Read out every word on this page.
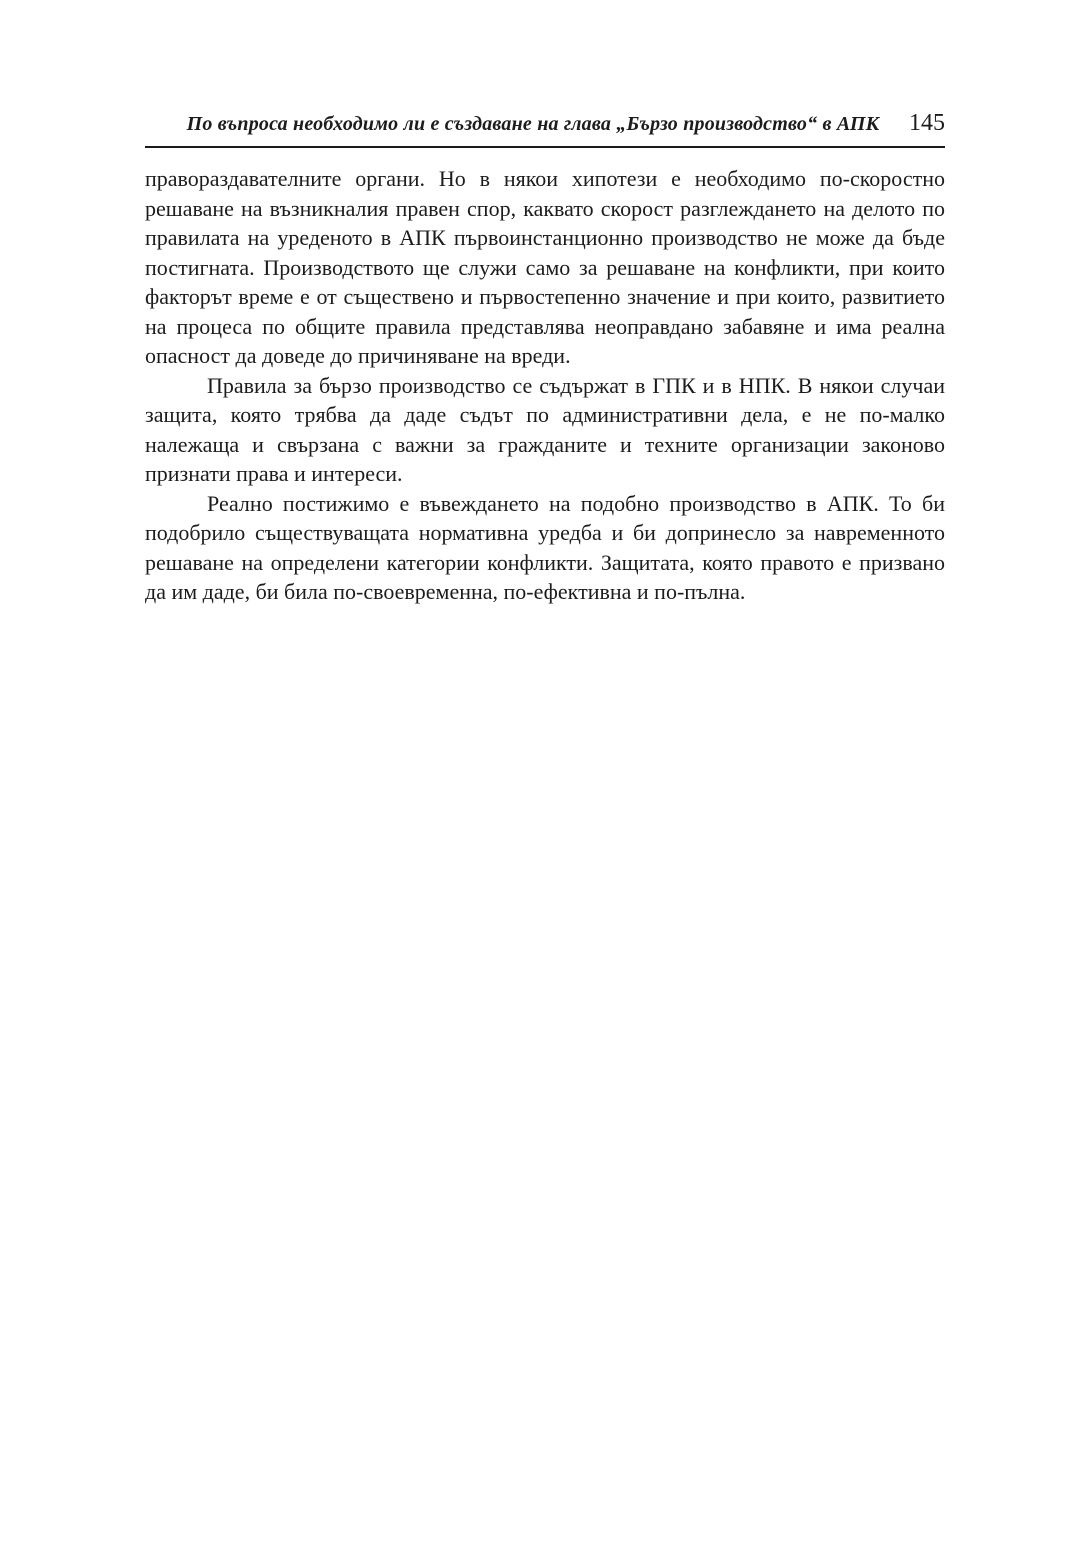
По въпроса необходимо ли е създаване на глава „Бързо производство“ в АПК 145

правораздавателните органи. Но в някои хипотези е необходимо по-скоростно решаване на възникналия правен спор, каквато скорост разглеждането на делото по правилата на уреденото в АПК първоинстанционно производство не може да бъде постигната. Производството ще служи само за решаване на конфликти, при които факторът време е от съществено и първостепенно значение и при които, развитието на процеса по общите правила представлява неоправдано забавяне и има реална опасност да доведе до причиняване на вреди.

Правила за бързо производство се съдържат в ГПК и в НПК. В някои случаи защита, която трябва да даде съдът по административни дела, е не по-малко належаща и свързана с важни за гражданите и техните организации законово признати права и интереси.

Реално постижимо е въвеждането на подобно производство в АПК. То би подобрило съществуващата нормативна уредба и би допринесло за навременното решаване на определени категории конфликти. Защитата, която правото е призвано да им даде, би била по-своевременна, по-ефективна и по-пълна.
